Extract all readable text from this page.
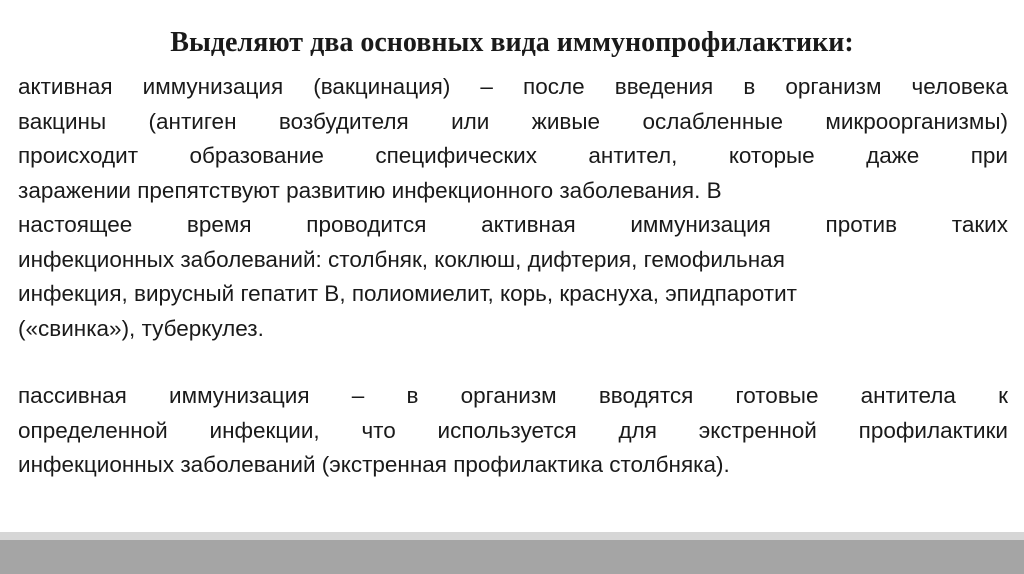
Выделяют два основных вида иммунопрофилактики:
активная иммунизация (вакцинация) – после введения в организм человека
вакцины (антиген возбудителя или живые ослабленные микроорганизмы)
происходит образование специфических антител, которые даже при
заражении препятствуют развитию инфекционного заболевания. В
настоящее время проводится активная иммунизация против таких
инфекционных заболеваний: столбняк, коклюш, дифтерия, гемофильная
инфекция, вирусный гепатит В, полиомиелит, корь, краснуха, эпидпаротит
(«свинка»), туберкулез.
пассивная иммунизация – в организм вводятся готовые антитела к
определенной инфекции, что используется для экстренной профилактики
инфекционных заболеваний (экстренная профилактика столбняка).
